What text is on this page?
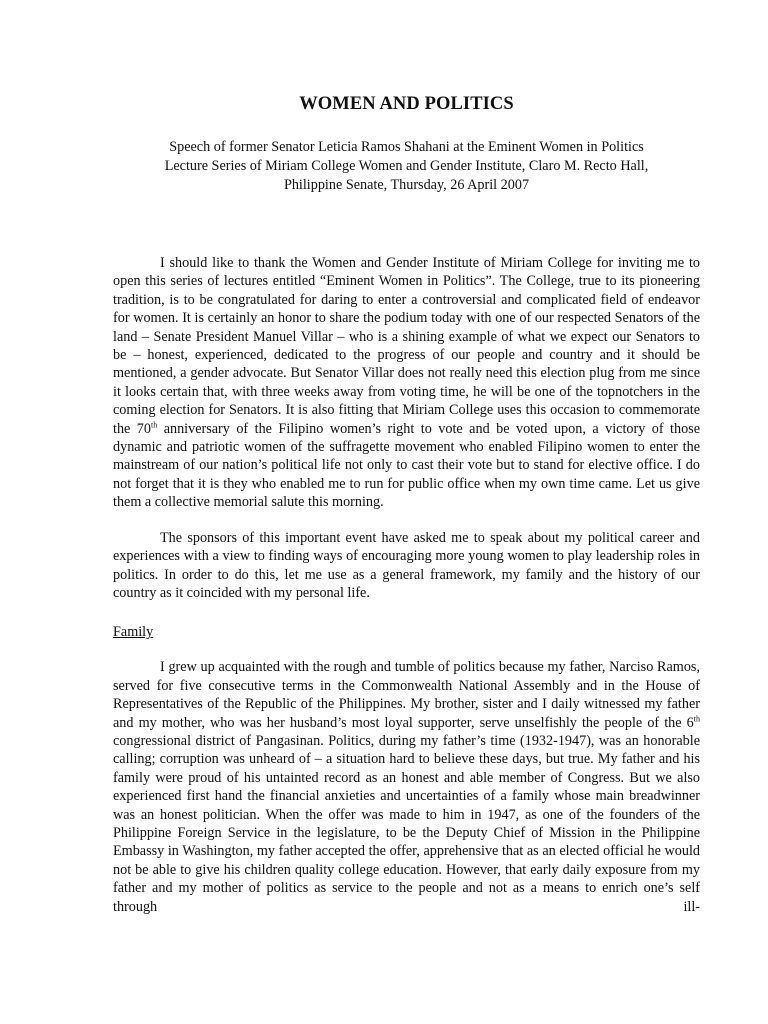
WOMEN AND POLITICS
Speech of former Senator Leticia Ramos Shahani at the Eminent Women in Politics
Lecture Series of Miriam College Women and Gender Institute, Claro M. Recto Hall,
Philippine Senate, Thursday, 26 April 2007

I should like to thank the Women and Gender Institute of Miriam College for inviting me to open this series of lectures entitled “Eminent Women in Politics”. The College, true to its pioneering tradition, is to be congratulated for daring to enter a controversial and complicated field of endeavor for women. It is certainly an honor to share the podium today with one of our respected Senators of the land – Senate President Manuel Villar – who is a shining example of what we expect our Senators to be – honest, experienced, dedicated to the progress of our people and country and it should be mentioned, a gender advocate. But Senator Villar does not really need this election plug from me since it looks certain that, with three weeks away from voting time, he will be one of the topnotchers in the coming election for Senators. It is also fitting that Miriam College uses this occasion to commemorate the 70th anniversary of the Filipino women’s right to vote and be voted upon, a victory of those dynamic and patriotic women of the suffragette movement who enabled Filipino women to enter the mainstream of our nation’s political life not only to cast their vote but to stand for elective office. I do not forget that it is they who enabled me to run for public office when my own time came. Let us give them a collective memorial salute this morning.

The sponsors of this important event have asked me to speak about my political career and experiences with a view to finding ways of encouraging more young women to play leadership roles in politics. In order to do this, let me use as a general framework, my family and the history of our country as it coincided with my personal life.

Family

I grew up acquainted with the rough and tumble of politics because my father, Narciso Ramos, served for five consecutive terms in the Commonwealth National Assembly and in the House of Representatives of the Republic of the Philippines. My brother, sister and I daily witnessed my father and my mother, who was her husband’s most loyal supporter, serve unselfishly the people of the 6th congressional district of Pangasinan. Politics, during my father’s time (1932-1947), was an honorable calling; corruption was unheard of – a situation hard to believe these days, but true. My father and his family were proud of his untainted record as an honest and able member of Congress. But we also experienced first hand the financial anxieties and uncertainties of a family whose main breadwinner was an honest politician. When the offer was made to him in 1947, as one of the founders of the Philippine Foreign Service in the legislature, to be the Deputy Chief of Mission in the Philippine Embassy in Washington, my father accepted the offer, apprehensive that as an elected official he would not be able to give his children quality college education. However, that early daily exposure from my father and my mother of politics as service to the people and not as a means to enrich one’s self through ill-
